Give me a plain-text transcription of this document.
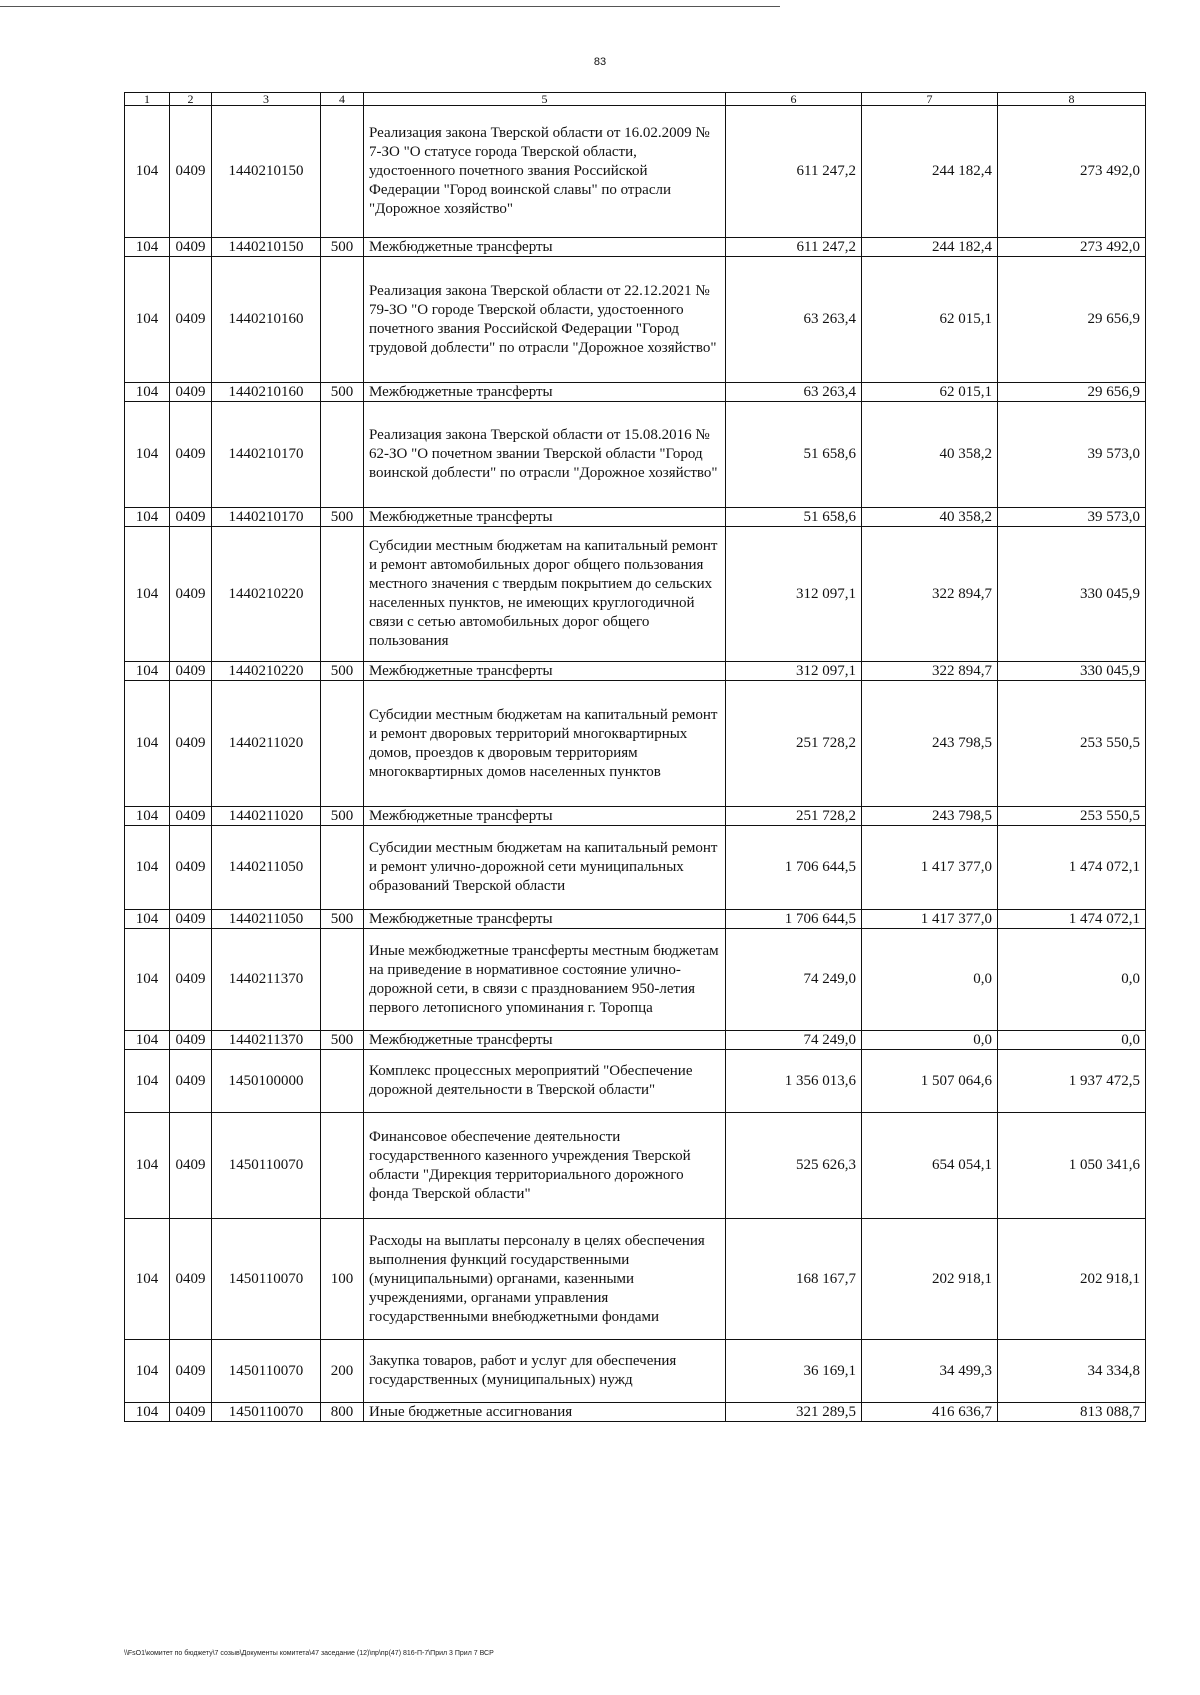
83
1	2	3	4	5	6	7	8
104	0409	1440210150		Реализация закона Тверской области от 16.02.2009 № 7-ЗО "О статусе города Тверской области, удостоенного почетного звания Российской Федерации "Город воинской славы" по отрасли "Дорожное хозяйство"	611 247,2	244 182,4	273 492,0
104	0409	1440210150	500	Межбюджетные трансферты	611 247,2	244 182,4	273 492,0
104	0409	1440210160		Реализация закона Тверской области от 22.12.2021 № 79-ЗО "О городе Тверской области, удостоенного почетного звания Российской Федерации "Город трудовой доблести" по отрасли "Дорожное хозяйство"	63 263,4	62 015,1	29 656,9
104	0409	1440210160	500	Межбюджетные трансферты	63 263,4	62 015,1	29 656,9
104	0409	1440210170		Реализация закона Тверской области от 15.08.2016 № 62-ЗО "О почетном звании Тверской области "Город воинской доблести" по отрасли "Дорожное хозяйство"	51 658,6	40 358,2	39 573,0
104	0409	1440210170	500	Межбюджетные трансферты	51 658,6	40 358,2	39 573,0
104	0409	1440210220		Субсидии местным бюджетам на капитальный ремонт и ремонт автомобильных дорог общего пользования местного значения с твердым покрытием до сельских населенных пунктов, не имеющих круглогодичной связи с сетью автомобильных дорог общего пользования	312 097,1	322 894,7	330 045,9
104	0409	1440210220	500	Межбюджетные трансферты	312 097,1	322 894,7	330 045,9
104	0409	1440211020		Субсидии местным бюджетам на капитальный ремонт и ремонт дворовых территорий многоквартирных домов, проездов к дворовым территориям многоквартирных домов населенных пунктов	251 728,2	243 798,5	253 550,5
104	0409	1440211020	500	Межбюджетные трансферты	251 728,2	243 798,5	253 550,5
104	0409	1440211050		Субсидии местным бюджетам на капитальный ремонт и ремонт улично-дорожной сети муниципальных образований Тверской области	1 706 644,5	1 417 377,0	1 474 072,1
104	0409	1440211050	500	Межбюджетные трансферты	1 706 644,5	1 417 377,0	1 474 072,1
104	0409	1440211370		Иные межбюджетные трансферты местным бюджетам на приведение в нормативное состояние улично-дорожной сети, в связи с празднованием 950-летия первого летописного упоминания г. Торопца	74 249,0	0,0	0,0
104	0409	1440211370	500	Межбюджетные трансферты	74 249,0	0,0	0,0
104	0409	1450100000		Комплекс процессных мероприятий "Обеспечение дорожной деятельности в Тверской области"	1 356 013,6	1 507 064,6	1 937 472,5
104	0409	1450110070		Финансовое обеспечение деятельности государственного казенного учреждения Тверской области "Дирекция территориального дорожного фонда Тверской области"	525 626,3	654 054,1	1 050 341,6
104	0409	1450110070	100	Расходы на выплаты персоналу в целях обеспечения выполнения функций государственными (муниципальными) органами, казенными учреждениями, органами управления государственными внебюджетными фондами	168 167,7	202 918,1	202 918,1
104	0409	1450110070	200	Закупка товаров, работ и услуг для обеспечения государственных (муниципальных) нужд	36 169,1	34 499,3	34 334,8
104	0409	1450110070	800	Иные бюджетные ассигнования	321 289,5	416 636,7	813 088,7
\\FsO1\комитет по бюджету\7 созыв\Документы комитета\47 заседание (12)\пр\пр(47) 816-П-7\Прил 3 Прил 7 ВСР
